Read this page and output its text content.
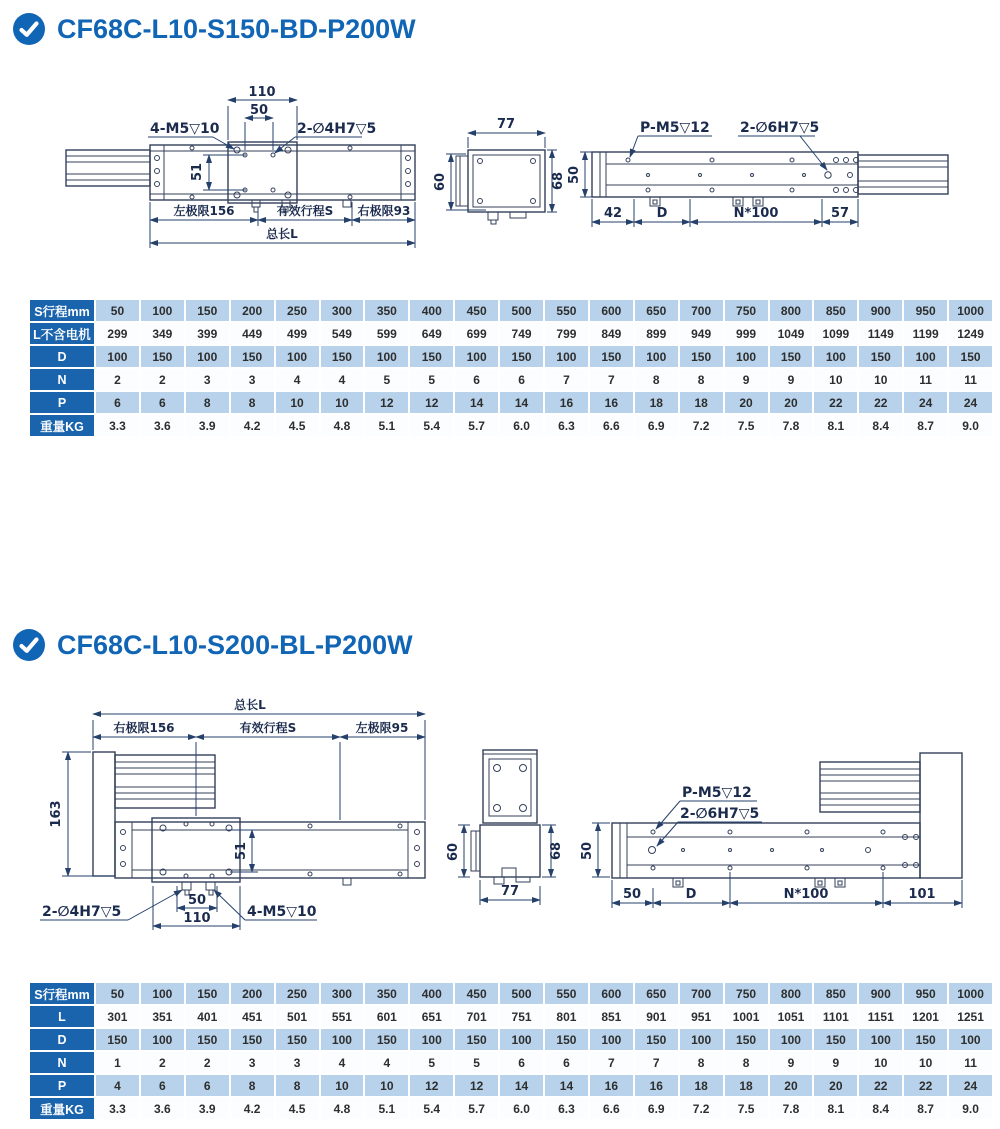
CF68C-L10-S150-BD-P200W
110
50
4-M5▽10	2-∅4H7▽5
51
左极限156	有效行程S 右极限93
总长L
77
60	68
P-M5▽12 2-∅6H7▽5
50
42	D	N*100	57
S行程mm	50	100	150	200	250	300	350	400	450	500	550	600	650	700	750	800	850	900	950	1000
L不含电机	299	349	399	449	499	549	599	649	699	749	799	849	899	949	999	1049	1099	1149	1199	1249
D	100	150	100	150	100	150	100	150	100	150	100	150	100	150	100	150	100	150	100	150
N	2	2	3	3	4	4	5	5	6	6	7	7	8	8	9	9	10	10	11	11
P	6	6	8	8	10	10	12	12	14	14	16	16	18	18	20	20	22	22	24	24
重量KG	3.3	3.6	3.9	4.2	4.5	4.8	5.1	5.4	5.7	6.0	6.3	6.6	6.9	7.2	7.5	7.8	8.1	8.4	8.7	9.0
CF68C-L10-S200-BL-P200W
总长L
右极限156	有效行程S	左极限95
163
51
50
110
2-∅4H7▽5	4-M5▽10
60	68
77
P-M5▽12
2-∅6H7▽5
50
50	D	N*100	101
S行程mm	50	100	150	200	250	300	350	400	450	500	550	600	650	700	750	800	850	900	950	1000
L	301	351	401	451	501	551	601	651	701	751	801	851	901	951	1001	1051	1101	1151	1201	1251
D	150	100	150	150	150	100	150	100	150	100	150	100	150	100	150	100	150	100	150	100
N	1	2	2	3	3	4	4	5	5	6	6	7	7	8	8	9	9	10	10	11
P	4	6	6	8	8	10	10	12	12	14	14	16	16	18	18	20	20	22	22	24
重量KG	3.3	3.6	3.9	4.2	4.5	4.8	5.1	5.4	5.7	6.0	6.3	6.6	6.9	7.2	7.5	7.8	8.1	8.4	8.7	9.0
